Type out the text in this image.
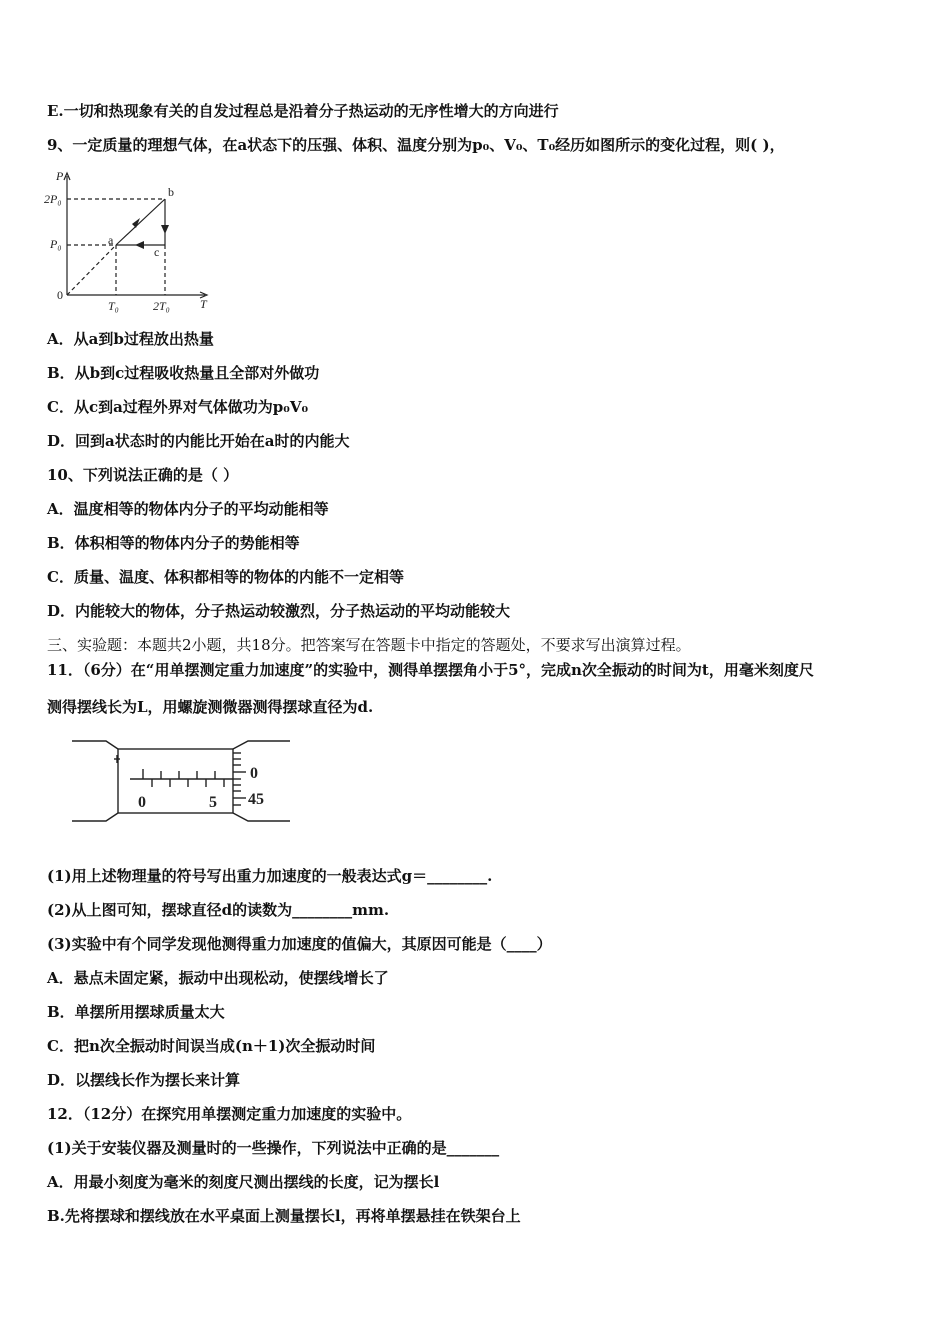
E.一切和热现象有关的自发过程总是沿着分子热运动的无序性增大的方向进行
9、一定质量的理想气体，在a状态下的压强、体积、温度分别为p₀、V₀、T₀经历如图所示的变化过程，则( )，
P
T
0
2P₀
P₀
T₀	2T₀
a
b
c
A．从a到b过程放出热量
B．从b到c过程吸收热量且全部对外做功
C．从c到a过程外界对气体做功为p₀V₀
D．回到a状态时的内能比开始在a时的内能大
10、下列说法正确的是（ ）
A．温度相等的物体内分子的平均动能相等
B．体积相等的物体内分子的势能相等
C．质量、温度、体积都相等的物体的内能不一定相等
D．内能较大的物体，分子热运动较激烈，分子热运动的平均动能较大
三、实验题：本题共2小题，共18分。把答案写在答题卡中指定的答题处，不要求写出演算过程。
11．（6分）在“用单摆测定重力加速度”的实验中，测得单摆摆角小于5°，完成n次全振动的时间为t，用毫米刻度尺
测得摆线长为L，用螺旋测微器测得摆球直径为d.
0	5
0
45
(1)用上述物理量的符号写出重力加速度的一般表达式g＝________.
(2)从上图可知，摆球直径d的读数为________mm.
(3)实验中有个同学发现他测得重力加速度的值偏大，其原因可能是（____）
A．悬点未固定紧，振动中出现松动，使摆线增长了
B．单摆所用摆球质量太大
C．把n次全振动时间误当成(n＋1)次全振动时间
D．以摆线长作为摆长来计算
12．（12分）在探究用单摆测定重力加速度的实验中。
(1)关于安装仪器及测量时的一些操作，下列说法中正确的是_______
A．用最小刻度为毫米的刻度尺测出摆线的长度，记为摆长l
B.先将摆球和摆线放在水平桌面上测量摆长l，再将单摆悬挂在铁架台上
